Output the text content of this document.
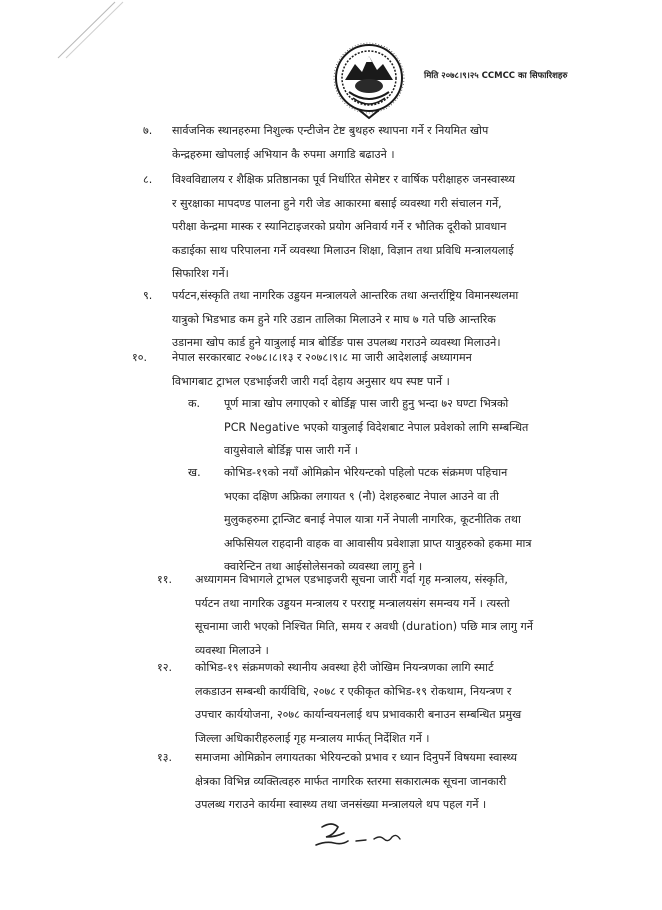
मिति २०७८।९।२५ CCMCC का सिफारिशहरु
७. सार्वजनिक स्थानहरुमा निशुल्क एन्टीजेन टेष्ट बुथहरु स्थापना गर्ने र नियमित खोप
केन्द्रहरुमा खोपलाई अभियान कै रुपमा अगाडि बढाउने ।
८. विश्वविद्यालय र शैक्षिक प्रतिष्ठानका पूर्व निर्धारित सेमेष्टर र वार्षिक परीक्षाहरु जनस्वास्थ्य
र सुरक्षाका मापदण्ड पालना हुने गरी जेड आकारमा बसाई व्यवस्था गरी संचालन गर्ने,
परीक्षा केन्द्रमा मास्क र स्यानिटाइजरको प्रयोग अनिवार्य गर्ने र भौतिक दूरीको प्रावधान
कडाईका साथ परिपालना गर्ने व्यवस्था मिलाउन शिक्षा, विज्ञान तथा प्रविधि मन्त्रालयलाई
सिफारिश गर्ने।
९. पर्यटन,संस्कृति तथा नागरिक उड्डयन मन्त्रालयले आन्तरिक तथा अन्तर्राष्ट्रिय विमानस्थलमा
यात्रुको भिडभाड कम हुने गरि उडान तालिका मिलाउने र माघ ७ गते पछि आन्तरिक
उडानमा खोप कार्ड हुने यात्रुलाई मात्र बोर्डिङ पास उपलब्ध गराउने व्यवस्था मिलाउने।
१०. नेपाल सरकारबाट २०७८।८।१३ र २०७८।९।८ मा जारी आदेशलाई अध्यागमन
विभागबाट ट्राभल एडभाईजरी जारी गर्दा देहाय अनुसार थप स्पष्ट पार्ने ।
क. पूर्ण मात्रा खोप लगाएको र बोर्डिङ्ग पास जारी हुनु भन्दा ७२ घण्टा भित्रको
PCR Negative भएको यात्रुलाई विदेशबाट नेपाल प्रवेशको लागि सम्बन्धित
वायुसेवाले बोर्डिङ्ग पास जारी गर्ने ।
ख. कोभिड-१९को नयाँ ओमिक्रोन भेरियन्टको पहिलो पटक संक्रमण पहिचान
भएका दक्षिण अफ्रिका लगायत ९ (नौ) देशहरुबाट नेपाल आउने वा ती
मुलुकहरुमा ट्रान्जिट बनाई नेपाल यात्रा गर्ने नेपाली नागरिक, कूटनीतिक तथा
अफिसियल राहदानी वाहक वा आवासीय प्रवेशाज्ञा प्राप्त यात्रुहरुको हकमा मात्र
क्वारेन्टिन तथा आईसोलेसनको व्यवस्था लागू हुने ।
११. अध्यागमन विभागले ट्राभल एडभाइजरी सूचना जारी गर्दा गृह मन्त्रालय, संस्कृति,
पर्यटन तथा नागरिक उड्डयन मन्त्रालय र परराष्ट्र मन्त्रालयसंग समन्वय गर्ने । त्यस्तो
सूचनामा जारी भएको निश्चित मिति, समय र अवधी (duration) पछि मात्र लागु गर्ने
व्यवस्था मिलाउने ।
१२. कोभिड-१९ संक्रमणको स्थानीय अवस्था हेरी जोखिम नियन्त्रणका लागि स्मार्ट
लकडाउन सम्बन्धी कार्यविधि, २०७८ र एकीकृत कोभिड-१९ रोकथाम, नियन्त्रण र
उपचार कार्ययोजना, २०७८ कार्यान्वयनलाई थप प्रभावकारी बनाउन सम्बन्धित प्रमुख
जिल्ला अधिकारीहरुलाई गृह मन्त्रालय मार्फत् निर्देशित गर्ने ।
१३. समाजमा ओमिक्रोन लगायतका भेरियन्टको प्रभाव र ध्यान दिनुपर्ने विषयमा स्वास्थ्य
क्षेत्रका विभिन्न व्यक्तित्वहरु मार्फत नागरिक स्तरमा सकारात्मक सूचना जानकारी
उपलब्ध गराउने कार्यमा स्वास्थ्य तथा जनसंख्या मन्त्रालयले थप पहल गर्ने ।
